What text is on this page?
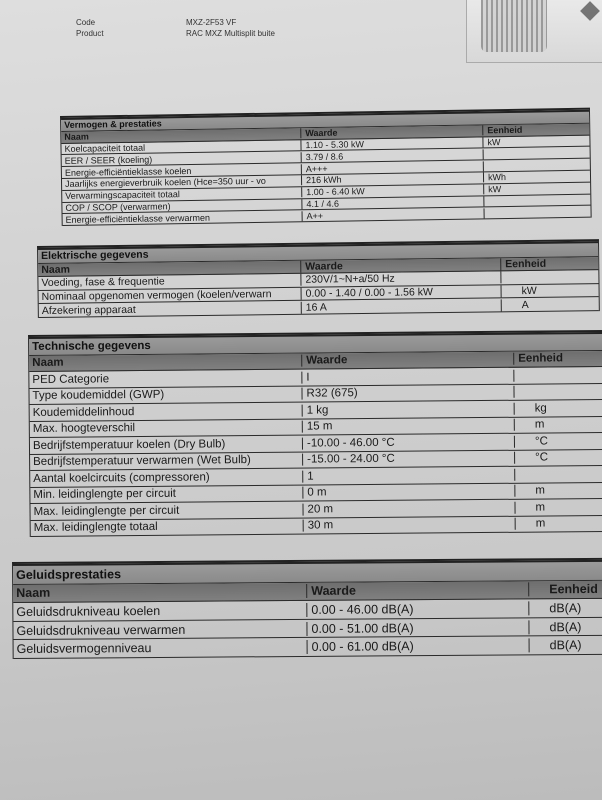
Code	MXZ-2F53 VF
Product	RAC MXZ Multisplit buite
Vermogen & prestaties
Naam	Waarde	Eenheid
Koelcapaciteit totaal	1.10 - 5.30 kW	kW
EER / SEER (koeling)	3.79 / 8.6
Energie-efficiëntieklasse koelen	A+++
Jaarlijks energieverbruik koelen (Hce=350 uur - vo	216 kWh	kWh
Verwarmingscapaciteit totaal	1.00 - 6.40 kW	kW
COP / SCOP (verwarmen)	4.1 / 4.6
Energie-efficiëntieklasse verwarmen	A++
Elektrische gegevens
Naam	Waarde	Eenheid
Voeding, fase & frequentie	230V/1~N+a/50 Hz
Nominaal opgenomen vermogen (koelen/verwarn	0.00 - 1.40 / 0.00 - 1.56 kW	kW
Afzekering apparaat	16 A	A
Technische gegevens
Naam	Waarde	Eenheid
PED Categorie	I
Type koudemiddel (GWP)	R32 (675)
Koudemiddelinhoud	1 kg	kg
Max. hoogteverschil	15 m	m
Bedrijfstemperatuur koelen (Dry Bulb)	-10.00 - 46.00 °C	°C
Bedrijfstemperatuur verwarmen (Wet Bulb)	-15.00 - 24.00 °C	°C
Aantal koelcircuits (compressoren)	1
Min. leidinglengte per circuit	0 m	m
Max. leidinglengte per circuit	20 m	m
Max. leidinglengte totaal	30 m	m
Geluidsprestaties
Naam	Waarde	Eenheid
Geluidsdrukniveau koelen	0.00 - 46.00 dB(A)	dB(A)
Geluidsdrukniveau verwarmen	0.00 - 51.00 dB(A)	dB(A)
Geluidsvermogenniveau	0.00 - 61.00 dB(A)	dB(A)
